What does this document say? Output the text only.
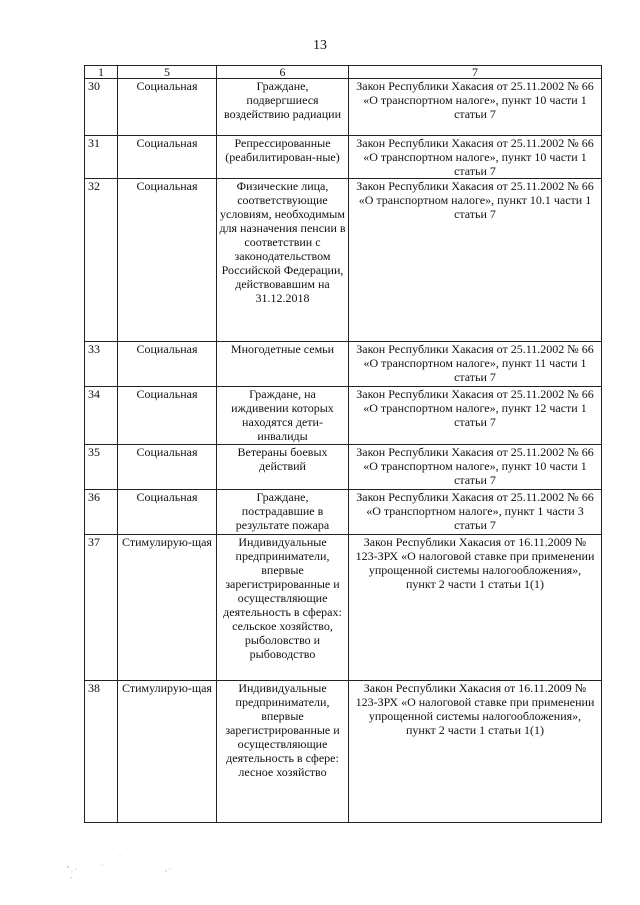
13
1	5	6	7
30	Социальная	Граждане, подвергшиеся воздействию радиации	Закон Республики Хакасия от 25.11.2002 № 66 «О транспортном налоге», пункт 10 части 1 статьи 7
31	Социальная	Репрессированные (реабилитирован-ные)	Закон Республики Хакасия от 25.11.2002 № 66 «О транспортном налоге», пункт 10 части 1 статьи 7
32	Социальная	Физические лица, соответствующие условиям, необходимым для назначения пенсии в соответствии с законодательством Российской Федерации, действовавшим на 31.12.2018	Закон Республики Хакасия от 25.11.2002 № 66 «О транспортном налоге», пункт 10.1 части 1 статьи 7
33	Социальная	Многодетные семьи	Закон Республики Хакасия от 25.11.2002 № 66 «О транспортном налоге», пункт 11 части 1 статьи 7
34	Социальная	Граждане, на иждивении которых находятся дети-инвалиды	Закон Республики Хакасия от 25.11.2002 № 66 «О транспортном налоге», пункт 12 части 1 статьи 7
35	Социальная	Ветераны боевых действий	Закон Республики Хакасия от 25.11.2002 № 66 «О транспортном налоге», пункт 10 части 1 статьи 7
36	Социальная	Граждане, пострадавшие в результате пожара	Закон Республики Хакасия от 25.11.2002 № 66 «О транспортном налоге», пункт 1 части 3 статьи 7
37	Стимулирую-щая	Индивидуальные предприниматели, впервые зарегистрированные и осуществляющие деятельность в сферах: сельское хозяйство, рыболовство и рыбоводство	Закон Республики Хакасия от 16.11.2009 № 123-ЗРХ «О налоговой ставке при применении упрощенной системы налогообложения», пункт 2 части 1 статьи 1(1)
38	Стимулирую-щая	Индивидуальные предприниматели, впервые зарегистрированные и осуществляющие деятельность в сфере: лесное хозяйство	Закон Республики Хакасия от 16.11.2009 № 123-ЗРХ «О налоговой ставке при применении упрощенной системы налогообложения», пункт 2 части 1 статьи 1(1)
